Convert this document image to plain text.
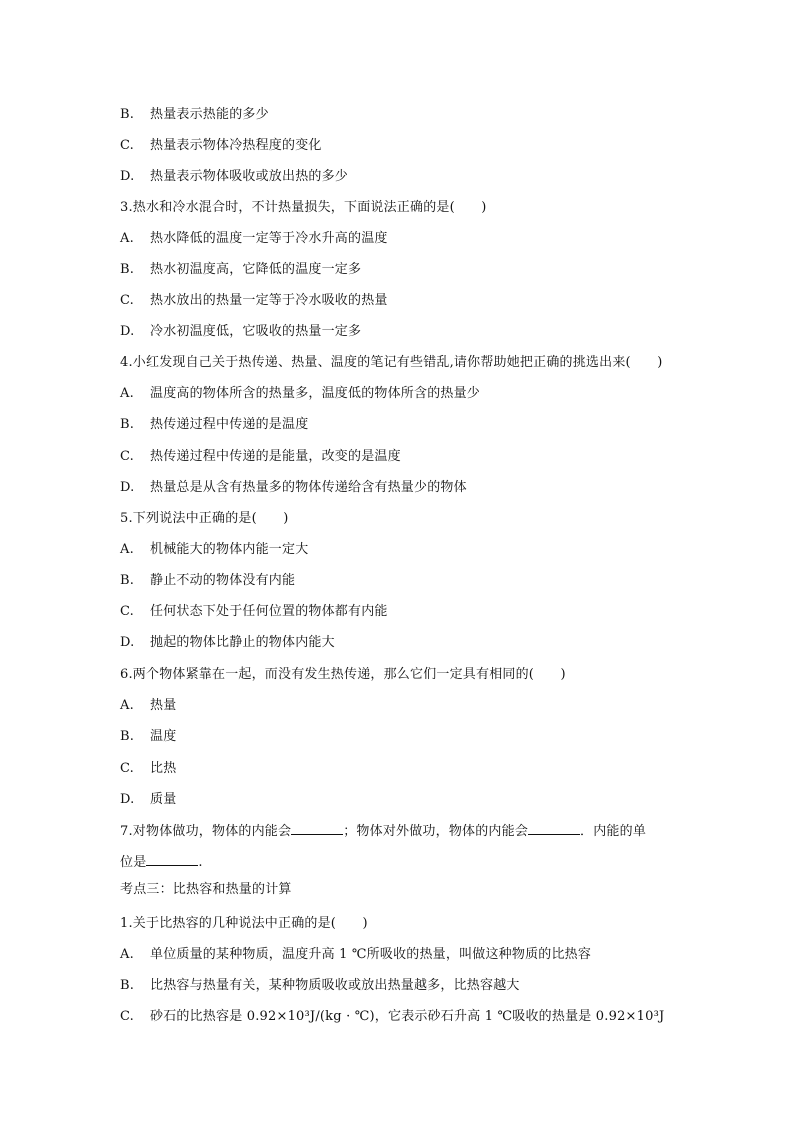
B. 热量表示热能的多少
C. 热量表示物体冷热程度的变化
D. 热量表示物体吸收或放出热的多少
3.热水和冷水混合时，不计热量损失，下面说法正确的是(　　)
A. 热水降低的温度一定等于冷水升高的温度
B. 热水初温度高，它降低的温度一定多
C. 热水放出的热量一定等于冷水吸收的热量
D. 冷水初温度低，它吸收的热量一定多
4.小红发现自己关于热传递、热量、温度的笔记有些错乱,请你帮助她把正确的挑选出来(　　)
A. 温度高的物体所含的热量多，温度低的物体所含的热量少
B. 热传递过程中传递的是温度
C. 热传递过程中传递的是能量，改变的是温度
D. 热量总是从含有热量多的物体传递给含有热量少的物体
5.下列说法中正确的是(　　)
A. 机械能大的物体内能一定大
B. 静止不动的物体没有内能
C. 任何状态下处于任何位置的物体都有内能
D. 抛起的物体比静止的物体内能大
6.两个物体紧靠在一起，而没有发生热传递，那么它们一定具有相同的(　　)
A. 热量
B. 温度
C. 比热
D. 质量
7.对物体做功，物体的内能会	；物体对外做功，物体的内能会	．内能的单
位是	.
考点三：比热容和热量的计算
1.关于比热容的几种说法中正确的是(　　)
A. 单位质量的某种物质，温度升高 1 ℃所吸收的热量，叫做这种物质的比热容
B. 比热容与热量有关，某种物质吸收或放出热量越多，比热容越大
C. 砂石的比热容是 0.92×10³J/(kg · ℃)，它表示砂石升高 1 ℃吸收的热量是 0.92×10³J
